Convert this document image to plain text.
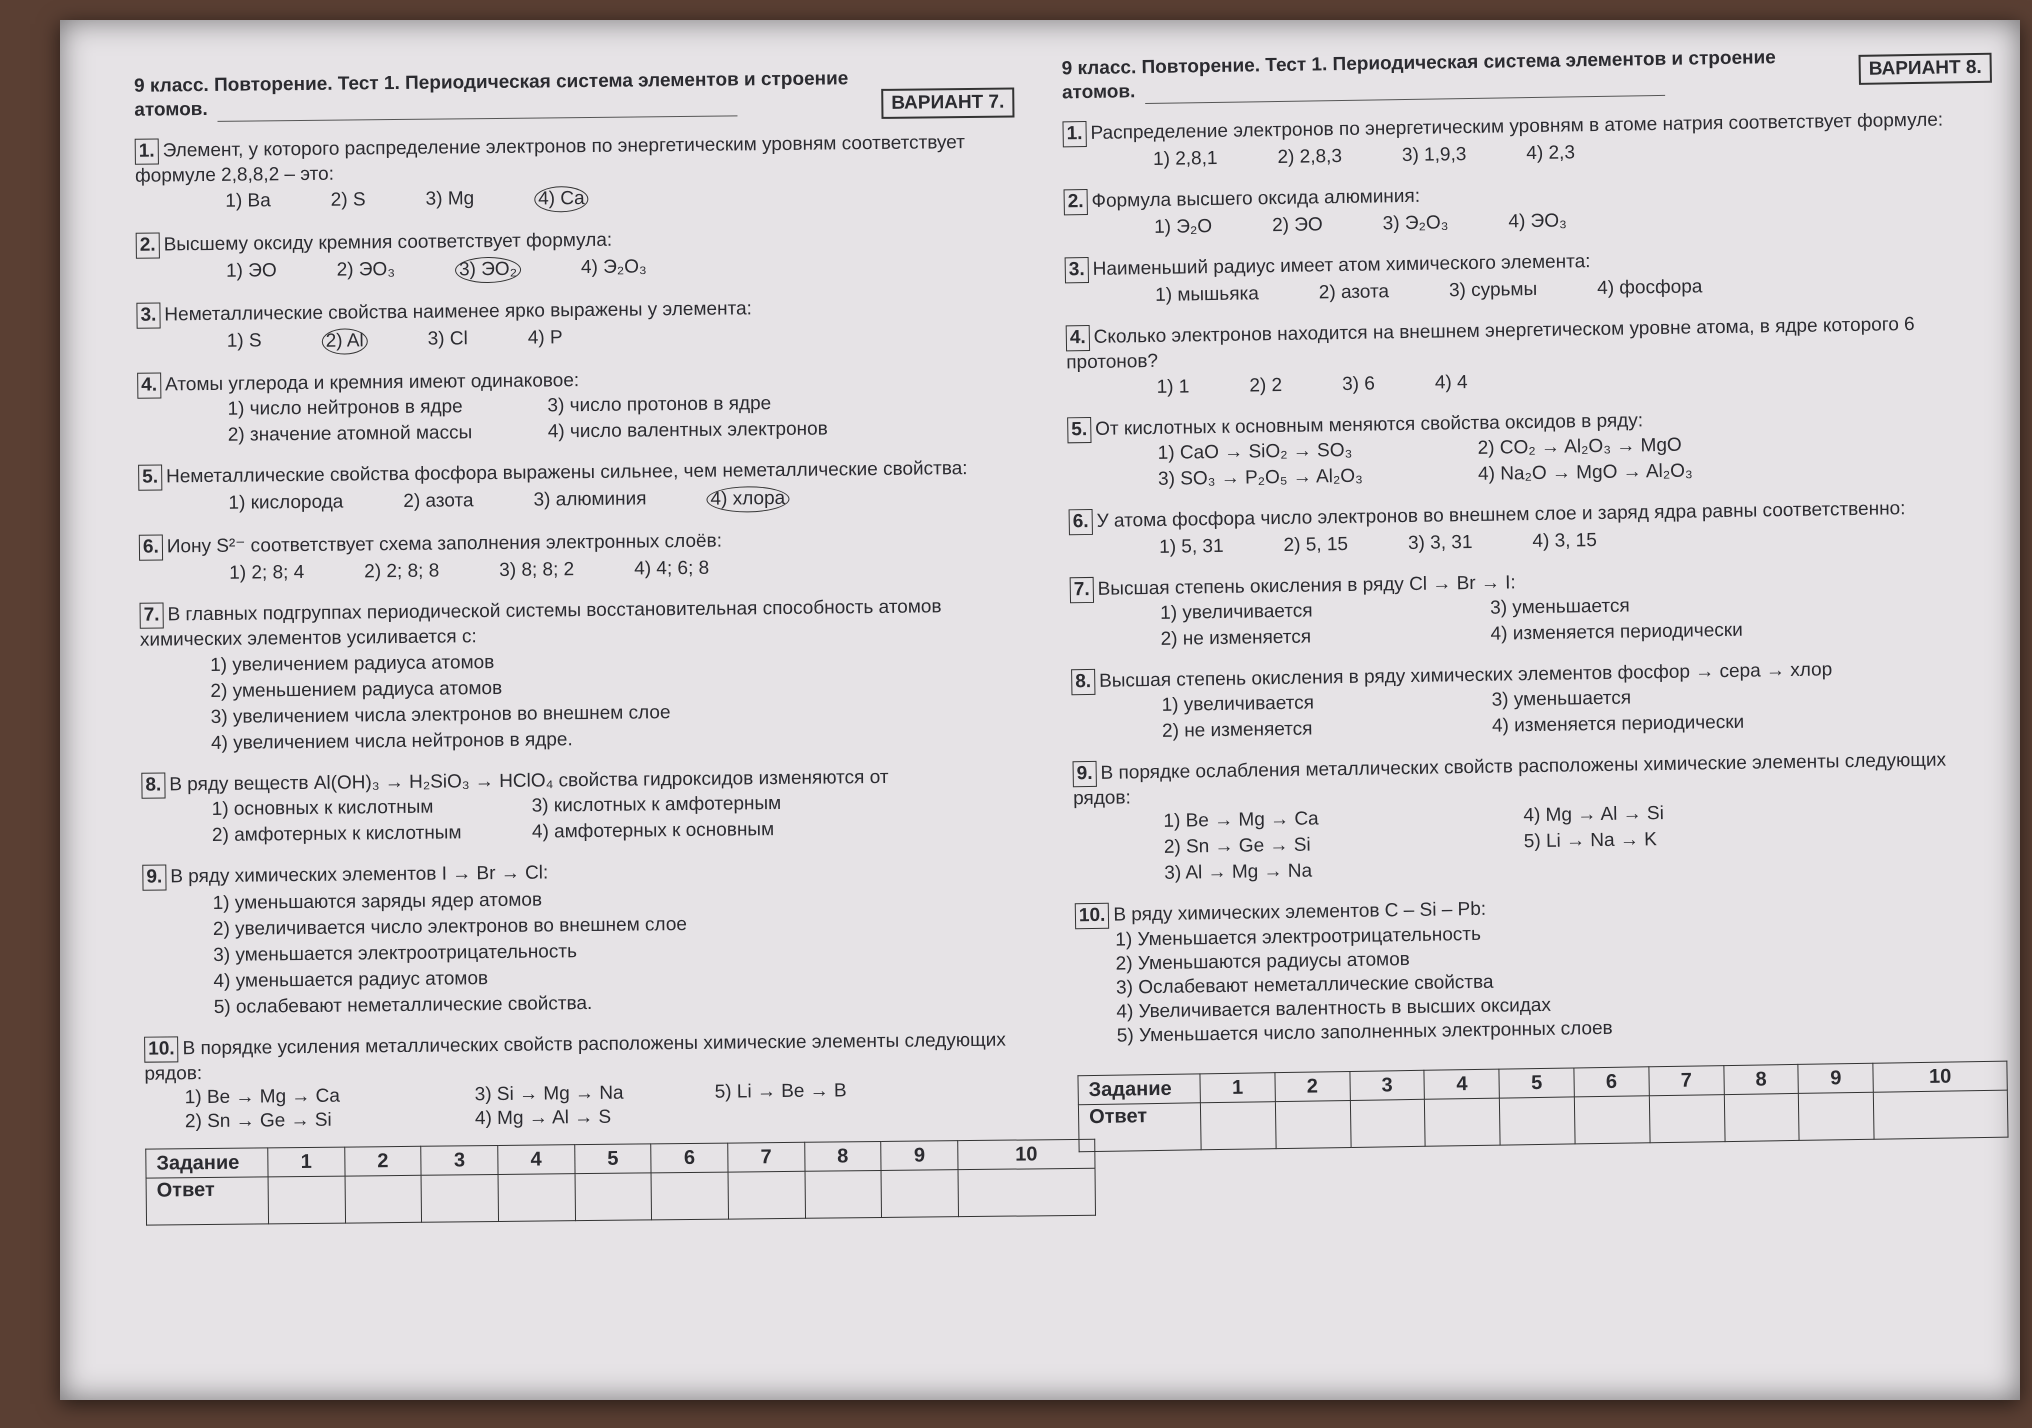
9 класс. Повторение. Тест 1. Периодическая система элементов и строение
атомов.	ВАРИАНТ 7.
1. Элемент, у которого распределение электронов по энергетическим уровням соответствует формуле 2,8,8,2 – это:
1) Ba	2) S	3) Mg	4) Ca
2. Высшему оксиду кремния соответствует формула:
1) ЭО	2) ЭО₃	3) ЭО₂	4) Э₂О₃
3. Неметаллические свойства наименее ярко выражены у элемента:
1) S	2) Al	3) Cl	4) P
4. Атомы углерода и кремния имеют одинаковое:
1) число нейтронов в ядре	3) число протонов в ядре
2) значение атомной массы	4) число валентных электронов
5. Неметаллические свойства фосфора выражены сильнее, чем неметаллические свойства:
1) кислорода	2) азота	3) алюминия	4) хлора
6. Иону S²⁻ соответствует схема заполнения электронных слоёв:
1) 2; 8; 4	2) 2; 8; 8	3) 8; 8; 2	4) 4; 6; 8
7. В главных подгруппах периодической системы восстановительная способность атомов химических элементов усиливается с:
1) увеличением радиуса атомов
2) уменьшением радиуса атомов
3) увеличением числа электронов во внешнем слое
4) увеличением числа нейтронов в ядре.
8. В ряду веществ Al(OH)₃ → H₂SiO₃ → HClO₄ свойства гидроксидов изменяются от
1) основных к кислотным	3) кислотных к амфотерным
2) амфотерных к кислотным	4) амфотерных к основным
9. В ряду химических элементов I → Br → Cl:
1) уменьшаются заряды ядер атомов
2) увеличивается число электронов во внешнем слое
3) уменьшается электроотрицательность
4) уменьшается радиус атомов
5) ослабевают неметаллические свойства.
10. В порядке усиления металлических свойств расположены химические элементы следующих рядов:
1) Be → Mg → Ca	3) Si → Mg → Na	5) Li → Be → B
2) Sn → Ge → Si	4) Mg → Al → S
Задание	1	2	3	4	5	6	7	8	9	10
Ответ										
9 класс. Повторение. Тест 1. Периодическая система элементов и строение
атомов.
ВАРИАНТ 8.
1. Распределение электронов по энергетическим уровням в атоме натрия соответствует формуле:
1) 2,8,1	2) 2,8,3	3) 1,9,3	4) 2,3
2. Формула высшего оксида алюминия:
1) Э₂О	2) ЭО	3) Э₂О₃	4) ЭО₃
3. Наименьший радиус имеет атом химического элемента:
1) мышьяка	2) азота	3) сурьмы	4) фосфора
4. Сколько электронов находится на внешнем энергетическом уровне атома, в ядре которого 6 протонов?
1) 1	2) 2	3) 6	4) 4
5. От кислотных к основным меняются свойства оксидов в ряду:
1) CaO → SiO₂ → SO₃	2) CO₂ → Al₂O₃ → MgO
3) SO₃ → P₂O₅ → Al₂O₃	4) Na₂O → MgO → Al₂O₃
6. У атома фосфора число электронов во внешнем слое и заряд ядра равны соответственно:
1) 5, 31	2) 5, 15	3) 3, 31	4) 3, 15
7. Высшая степень окисления в ряду Cl → Br → I:
1) увеличивается	3) уменьшается
2) не изменяется	4) изменяется периодически
8. Высшая степень окисления в ряду химических элементов фосфор → сера → хлор
1) увеличивается	3) уменьшается
2) не изменяется	4) изменяется периодически
9. В порядке ослабления металлических свойств расположены химические элементы следующих рядов:
1) Be → Mg → Ca	4) Mg → Al → Si
2) Sn → Ge → Si	5) Li → Na → K
3) Al → Mg → Na
10. В ряду химических элементов C – Si – Pb:
1) Уменьшается электроотрицательность
2) Уменьшаются радиусы атомов
3) Ослабевают неметаллические свойства
4) Увеличивается валентность в высших оксидах
5) Уменьшается число заполненных электронных слоев
Задание	1	2	3	4	5	6	7	8	9	10
Ответ										
